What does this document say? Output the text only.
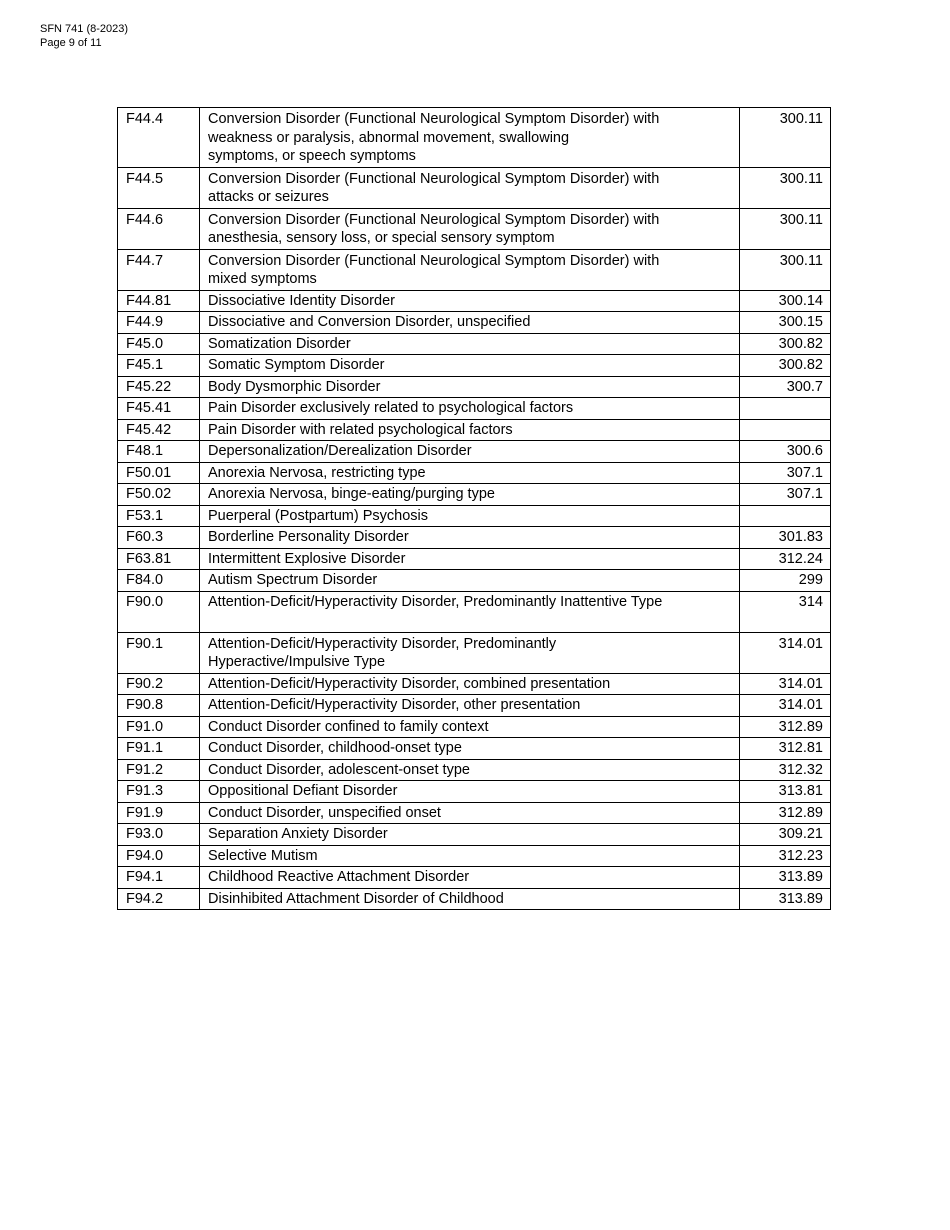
SFN 741 (8-2023)
Page 9 of 11
F44.4	Conversion Disorder (Functional Neurological Symptom Disorder) with
weakness or paralysis, abnormal movement, swallowing
symptoms, or speech symptoms	300.11
F44.5	Conversion Disorder (Functional Neurological Symptom Disorder) with
attacks or seizures	300.11
F44.6	Conversion Disorder (Functional Neurological Symptom Disorder) with
anesthesia, sensory loss, or special sensory symptom	300.11
F44.7	Conversion Disorder (Functional Neurological Symptom Disorder) with
mixed symptoms	300.11
F44.81	Dissociative Identity Disorder	300.14
F44.9	Dissociative and Conversion Disorder, unspecified	300.15
F45.0	Somatization Disorder	300.82
F45.1	Somatic Symptom Disorder	300.82
F45.22	Body Dysmorphic Disorder	300.7
F45.41	Pain Disorder exclusively related to psychological factors	

F45.42	Pain Disorder with related psychological factors	

F48.1	Depersonalization/Derealization Disorder	300.6
F50.01	Anorexia Nervosa, restricting type	307.1
F50.02	Anorexia Nervosa, binge-eating/purging type	307.1
F53.1	Puerperal (Postpartum) Psychosis	

F60.3	Borderline Personality Disorder	301.83
F63.81	Intermittent Explosive Disorder	312.24
F84.0	Autism Spectrum Disorder	299
F90.0	Attention-Deficit/Hyperactivity Disorder, Predominantly Inattentive Type	314
F90.1	Attention-Deficit/Hyperactivity Disorder, Predominantly
Hyperactive/Impulsive Type	314.01
F90.2	Attention-Deficit/Hyperactivity Disorder, combined presentation	314.01
F90.8	Attention-Deficit/Hyperactivity Disorder, other presentation	314.01
F91.0	Conduct Disorder confined to family context	312.89
F91.1	Conduct Disorder, childhood-onset type	312.81
F91.2	Conduct Disorder, adolescent-onset type	312.32
F91.3	Oppositional Defiant Disorder	313.81
F91.9	Conduct Disorder, unspecified onset	312.89
F93.0	Separation Anxiety Disorder	309.21
F94.0	Selective Mutism	312.23
F94.1	Childhood Reactive Attachment Disorder	313.89
F94.2	Disinhibited Attachment Disorder of Childhood	313.89
